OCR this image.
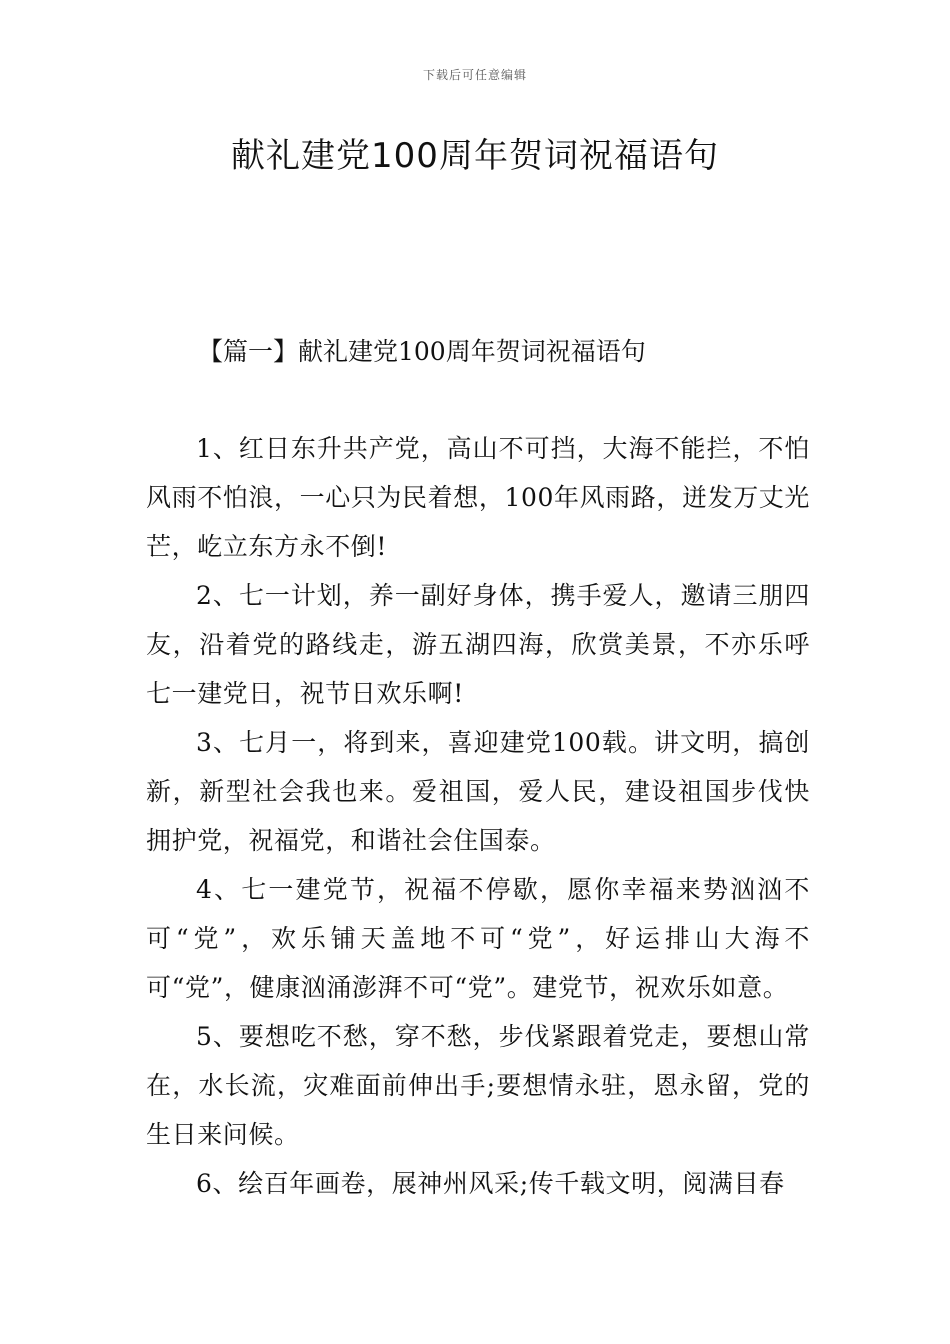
下载后可任意编辑
献礼建党100周年贺词祝福语句
【篇一】献礼建党100周年贺词祝福语句

1、红日东升共产党，高山不可挡，大海不能拦，不怕风雨不怕浪，一心只为民着想，100年风雨路，迸发万丈光芒，屹立东方永不倒!

2、七一计划，养一副好身体，携手爱人，邀请三朋四友，沿着党的路线走，游五湖四海，欣赏美景，不亦乐呼七一建党日，祝节日欢乐啊!

3、七月一，将到来，喜迎建党100载。讲文明，搞创新，新型社会我也来。爱祖国，爱人民，建设祖国步伐快拥护党，祝福党，和谐社会住国泰。

4、七一建党节，祝福不停歇，愿你幸福来势汹汹不可“党”，欢乐铺天盖地不可“党”，好运排山大海不可“党”，健康汹涌澎湃不可“党”。建党节，祝欢乐如意。

5、要想吃不愁，穿不愁，步伐紧跟着党走，要想山常在，水长流，灾难面前伸出手;要想情永驻，恩永留，党的生日来问候。

6、绘百年画卷，展神州风采;传千载文明，阅满目春
